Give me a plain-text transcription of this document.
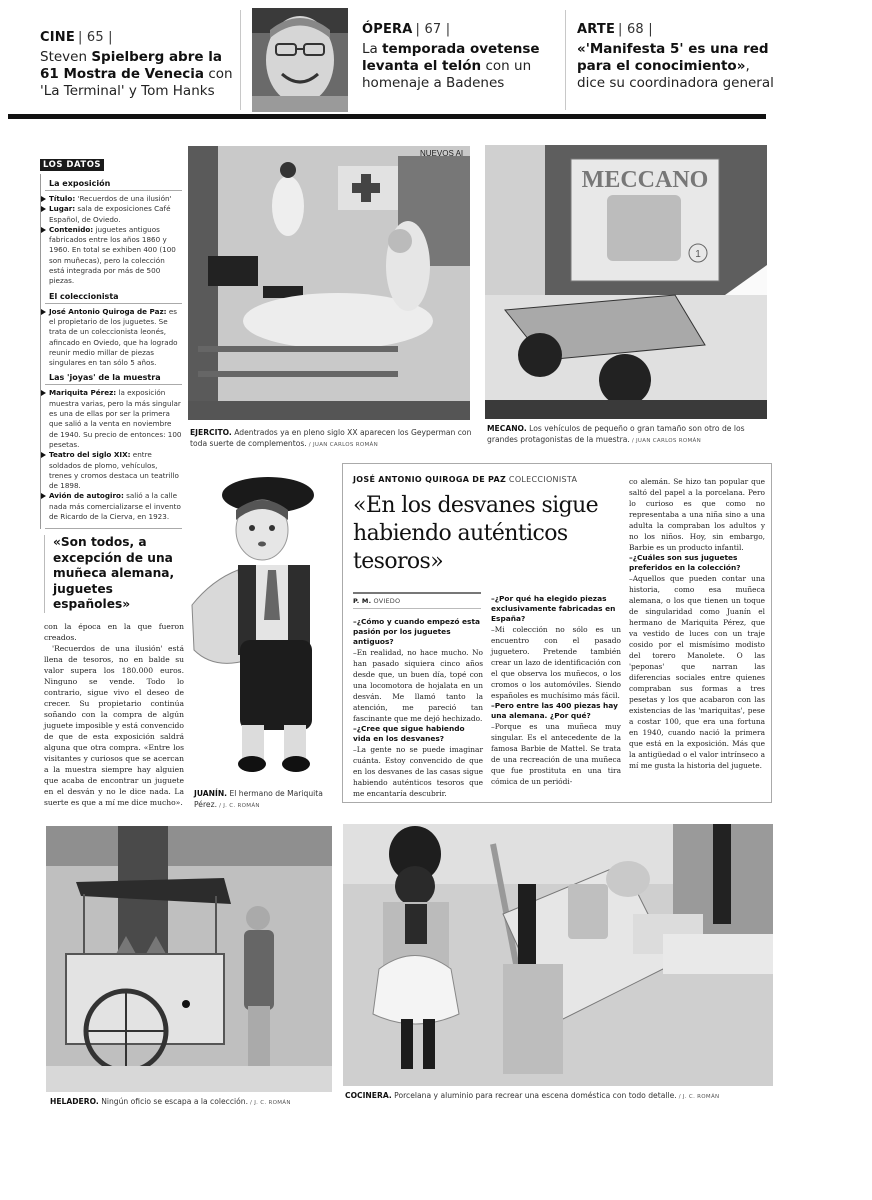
CINE | 65 |
Steven Spielberg abre la 61 Mostra de Venecia con 'La Terminal' y Tom Hanks
ÓPERA | 67 |
La temporada ovetense levanta el telón con un homenaje a Badenes
ARTE | 68 |
«'Manifesta 5' es una red para el conocimiento», dice su coordinadora general
LOS DATOS
La exposición
Título: 'Recuerdos de una ilusión'
Lugar: sala de exposiciones Café Español, de Oviedo.
Contenido: juguetes antiguos fabricados entre los años 1860 y 1960. En total se exhiben 400 (100 son muñecas), pero la colección está integrada por más de 500 piezas.
El coleccionista
José Antonio Quiroga de Paz: es el propietario de los juguetes. Se trata de un coleccionista leonés, afincado en Oviedo, que ha logrado reunir medio millar de piezas singulares en tan sólo 5 años.
Las 'joyas' de la muestra
Mariquita Pérez: la exposición muestra varias, pero la más singular es una de ellas por ser la primera que salió a la venta en noviembre de 1940. Su precio de entonces: 100 pesetas.
Teatro del siglo XIX: entre soldados de plomo, vehículos, trenes y cromos destaca un teatrillo de 1898.
Avión de autogiro: salió a la calle nada más comercializarse el invento de Ricardo de la Cierva, en 1923.
«Son todos, a excepción de una muñeca alemana, juguetes españoles»

con la época en la que fueron creados.

'Recuerdos de una ilusión' está llena de tesoros, no en balde su valor supera los 180.000 euros. Ninguno se vende. Todo lo contrario, sigue vivo el deseo de crecer. Su propietario continúa soñando con la compra de algún juguete imposible y está convencido de que de esta exposición saldrá alguna que otra compra. «Entre los visitantes y curiosos que se acercan a la muestra siempre hay alguien que acaba de encontrar un juguete en el desván y no le dice nada. La suerte es que a mí me dice mucho».

NUEVOS AI
EJERCITO. Adentrados ya en pleno siglo XX aparecen los Geyperman con toda suerte de complementos. / JUAN CARLOS ROMÁN
MECCANO
1
MECANO. Los vehículos de pequeño o gran tamaño son otro de los grandes protagonistas de la muestra. / JUAN CARLOS ROMÁN
JUANÍN. El hermano de Mariquita Pérez. / J. C. ROMÁN
JOSÉ ANTONIO QUIROGA DE PAZ COLECCIONISTA
«En los desvanes sigue habiendo auténticos tesoros»
P. M. OVIEDO
–¿Cómo y cuando empezó esta pasión por los juguetes antiguos?
–En realidad, no hace mucho. No han pasado siquiera cinco años desde que, un buen día, topé con una locomotora de hojalata en un desván. Me llamó tanto la atención, me pareció tan fascinante que me dejó hechizado.
–¿Cree que sigue habiendo vida en los desvanes?
–La gente no se puede imaginar cuánta. Estoy convencido de que en los desvanes de las casas sigue habiendo auténticos tesoros que me encantaría descubrir.
–¿Por qué ha elegido piezas exclusivamente fabricadas en España?
–Mi colección no sólo es un encuentro con el pasado juguetero. Pretende también crear un lazo de identificación con el que observa los muñecos, o los cromos o los automóviles. Siendo españoles es muchísimo más fácil.
–Pero entre las 400 piezas hay una alemana. ¿Por qué?
–Porque es una muñeca muy singular. Es el antecedente de la famosa Barbie de Mattel. Se trata de una recreación de una muñeca que fue prostituta en una tira cómica de un periódi-
co alemán. Se hizo tan popular que saltó del papel a la porcelana. Pero lo curioso es que como no representaba a una niña sino a una adulta la compraban los adultos y no los niños. Hoy, sin embargo, Barbie es un producto infantil.
–¿Cuáles son sus juguetes preferidos en la colección?
–Aquellos que pueden contar una historia, como esa muñeca alemana, o los que tienen un toque de singularidad como Juanín el hermano de Mariquita Pérez, que va vestido de luces con un traje cosido por el mismísimo modisto del torero Manolete. O las 'peponas' que narran las diferencias sociales entre quienes compraban sus formas a tres pesetas y los que acabaron con las existencias de las 'mariquitas', pese a costar 100, que era una fortuna en 1940, cuando nació la primera que está en la exposición. Más que la antigüedad o el valor intrínseco a mí me gusta la historia del juguete.
HELADERO. Ningún oficio se escapa a la colección. / J. C. ROMÁN
COCINERA. Porcelana y aluminio para recrear una escena doméstica con todo detalle. / J. C. ROMÁN
